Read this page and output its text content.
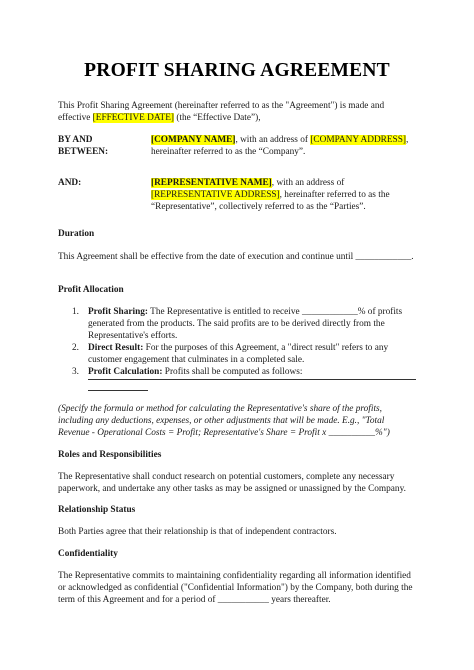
PROFIT SHARING AGREEMENT
This Profit Sharing Agreement (hereinafter referred to as the "Agreement") is made and effective [EFFECTIVE DATE] (the “Effective Date”),
BY AND
BETWEEN:
[COMPANY NAME], with an address of [COMPANY ADDRESS], hereinafter referred to as the “Company”.
AND:	[REPRESENTATIVE NAME], with an address of [REPRESENTATIVE ADDRESS], hereinafter referred to as the “Representative”, collectively referred to as the “Parties”.
Duration
This Agreement shall be effective from the date of execution and continue until ____________.
Profit Allocation
1. Profit Sharing: The Representative is entitled to receive ____________% of profits generated from the products. The said profits are to be derived directly from the Representative's efforts.
2. Direct Result: For the purposes of this Agreement, a "direct result" refers to any customer engagement that culminates in a completed sale.
3. Profit Calculation: Profits shall be computed as follows:
(Specify the formula or method for calculating the Representative's share of the profits, including any deductions, expenses, or other adjustments that will be made. E.g., "Total Revenue - Operational Costs = Profit; Representative's Share = Profit x __________%")
Roles and Responsibilities
The Representative shall conduct research on potential customers, complete any necessary paperwork, and undertake any other tasks as may be assigned or unassigned by the Company.
Relationship Status
Both Parties agree that their relationship is that of independent contractors.
Confidentiality
The Representative commits to maintaining confidentiality regarding all information identified or acknowledged as confidential ("Confidential Information") by the Company, both during the term of this Agreement and for a period of ___________ years thereafter.
